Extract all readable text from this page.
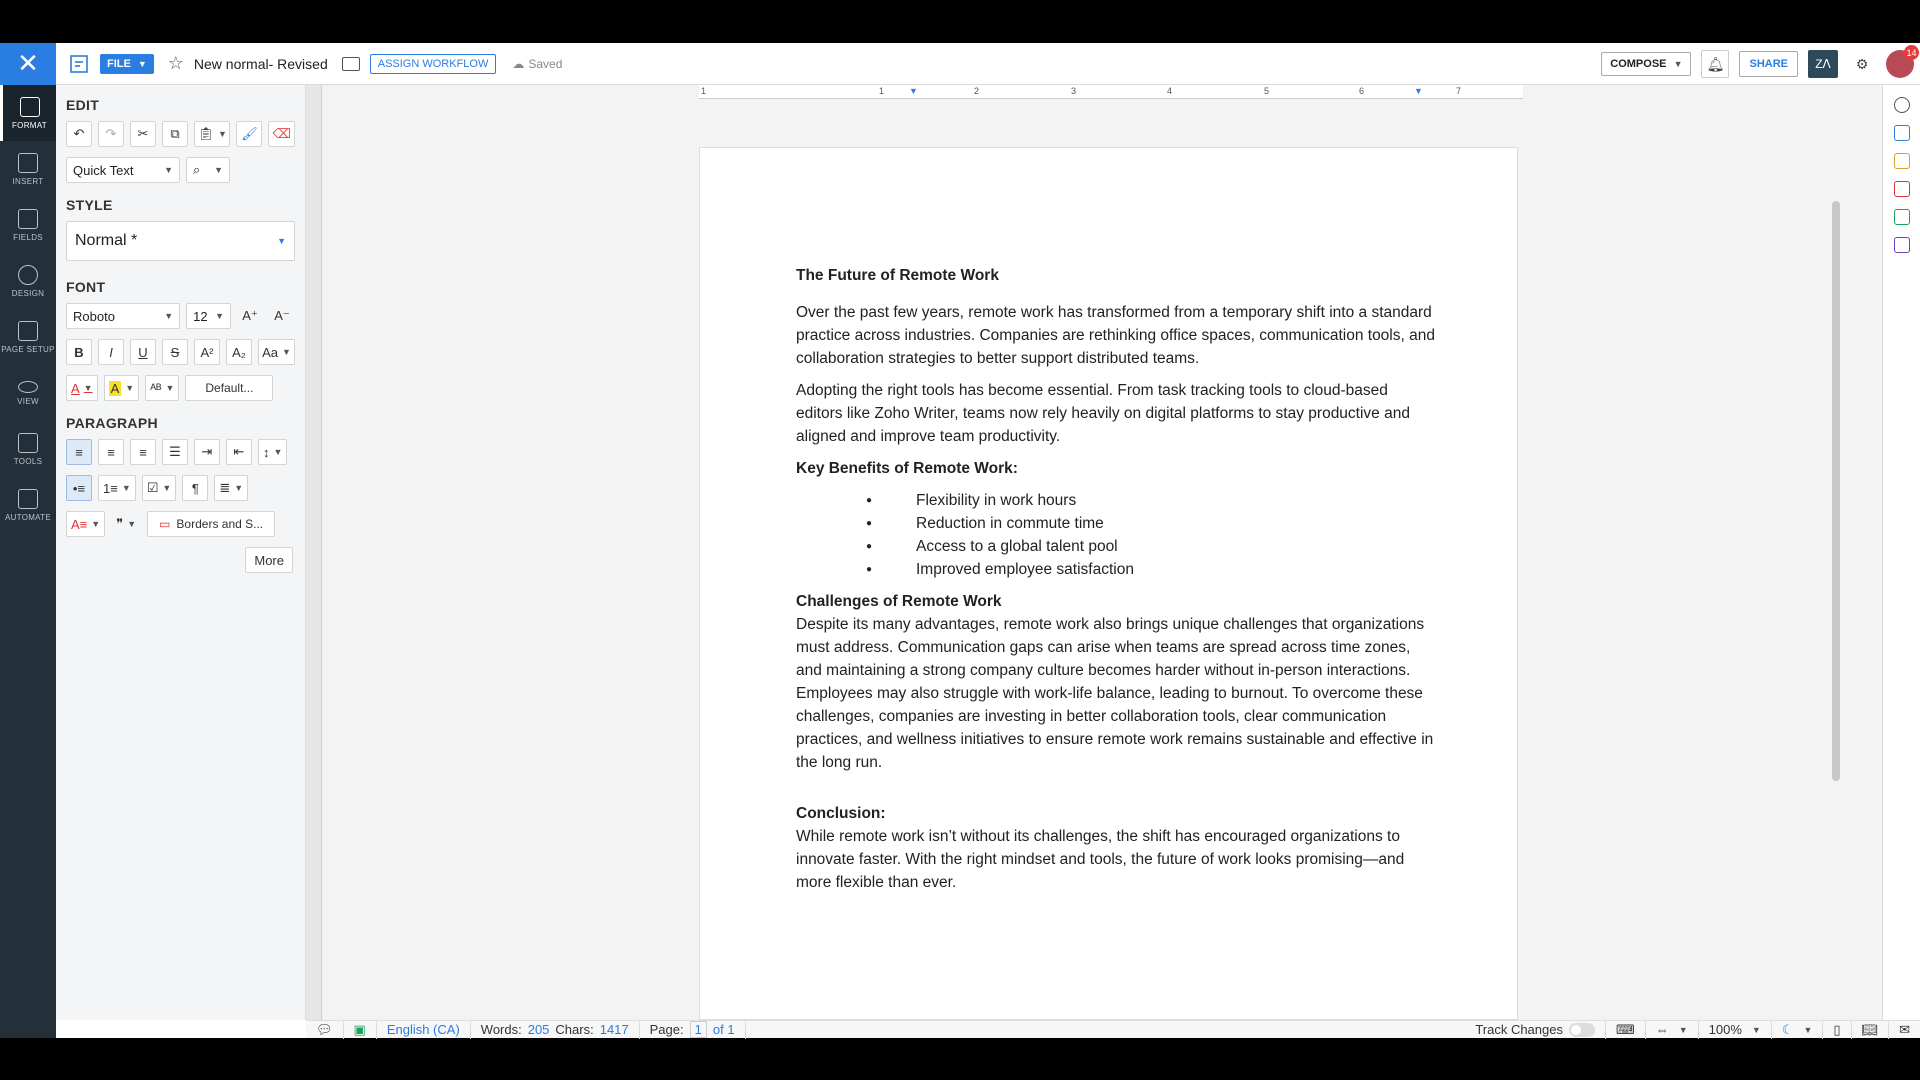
✕	FILE ▼ ☆ New normal- Revised	ASSIGN WORKFLOW	☁ Saved	COMPOSE ▼	🔔︎	SHARE	Zᐱ	⚙
14
FORMAT
INSERT
FIELDS
DESIGN
PAGE SETUP
VIEW
TOOLS
AUTOMATE
EDIT
↶	↷	✂	⧉	📋︎ ▼	🖌︎	⌫
Quick Text	▼ ⌕ ▼
STYLE
Normal *	▼
FONT
Roboto	▼ 12 ▼	A⁺	A⁻
B	I	U	S	A²	A₂	Aa ▼
A ▼ A ▼	ᴬᴮ ▼	Default...
PARAGRAPH
≡	≡	≡	☰	⇥	⇤	↕ ▼
•≡	1≡ ▼	☑ ▼	¶	≣ ▼
A≡ ▼	❞ ▼ ▭ Borders and S...
More
1	1	2	3	4	5	6	7
▼	▼

The Future of Remote Work

Over the past few years, remote work has transformed from a temporary shift into a standard practice across industries. Companies are rethinking office spaces, communication tools, and collaboration strategies to better support distributed teams.

Adopting the right tools has become essential. From task tracking tools to cloud-based editors like Zoho Writer, teams now rely heavily on digital platforms to stay productive and aligned and improve team productivity.

Key Benefits of Remote Work:

● Flexibility in work hours
● Reduction in commute time
● Access to a global talent pool
● Improved employee satisfaction

Challenges of Remote Work

Despite its many advantages, remote work also brings unique challenges that organizations must address. Communication gaps can arise when teams are spread across time zones, and maintaining a strong company culture becomes harder without in-person interactions. Employees may also struggle with work-life balance, leading to burnout. To overcome these challenges, companies are investing in better collaboration tools, clear communication practices, and wellness initiatives to ensure remote work remains sustainable and effective in the long run.

Conclusion:

While remote work isn’t without its challenges, the shift has encouraged organizations to innovate faster. With the right mindset and tools, the future of work looks promising—and more flexible than ever.

💬︎	▣	English (CA)	Words: 205 Chars: 1417 Page: 1 of 1	Track Changes	⌨	⇔ ▼ 100% ▼	☾ ▼	▯	📖︎	✉
